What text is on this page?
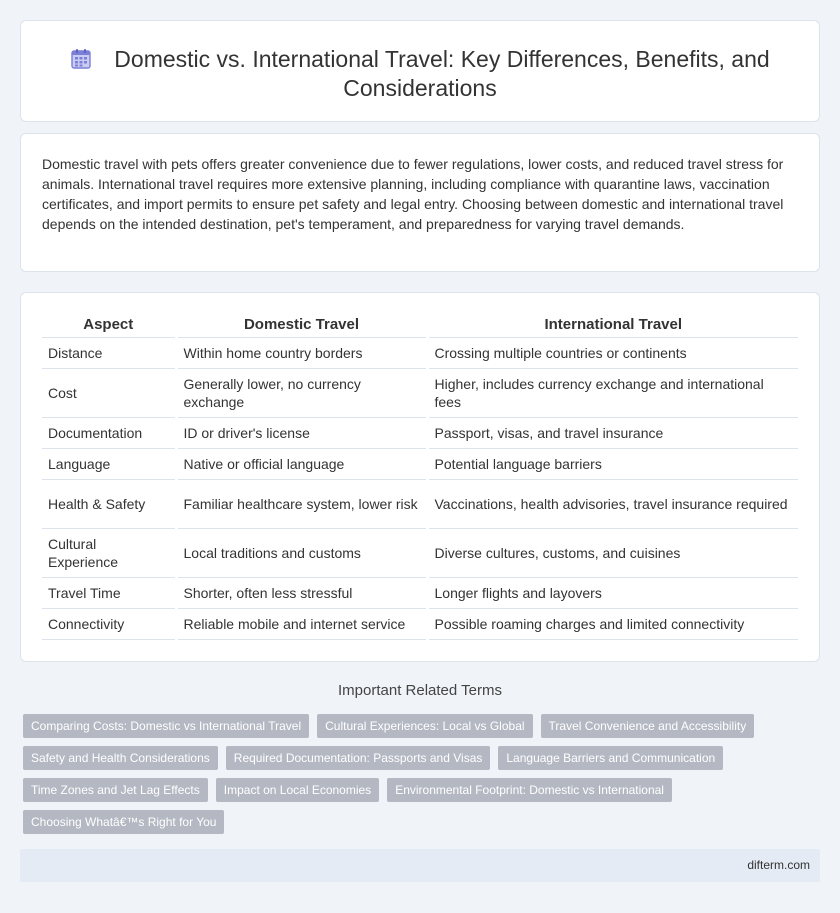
Domestic vs. International Travel: Key Differences, Benefits, and Considerations

Domestic travel with pets offers greater convenience due to fewer regulations, lower costs, and reduced travel stress for animals. International travel requires more extensive planning, including compliance with quarantine laws, vaccination certificates, and import permits to ensure pet safety and legal entry. Choosing between domestic and international travel depends on the intended destination, pet's temperament, and preparedness for varying travel demands.

Aspect	Domestic Travel	International Travel
Distance	Within home country borders	Crossing multiple countries or continents
Cost	Generally lower, no currency exchange	Higher, includes currency exchange and international fees
Documentation	ID or driver's license	Passport, visas, and travel insurance
Language	Native or official language	Potential language barriers
Health & Safety	Familiar healthcare system, lower risk	Vaccinations, health advisories, travel insurance required
Cultural Experience	Local traditions and customs	Diverse cultures, customs, and cuisines
Travel Time	Shorter, often less stressful	Longer flights and layovers
Connectivity	Reliable mobile and internet service	Possible roaming charges and limited connectivity
Important Related Terms
Comparing Costs: Domestic vs International Travel	Cultural Experiences: Local vs Global	Travel Convenience and Accessibility
Safety and Health Considerations	Required Documentation: Passports and Visas	Language Barriers and Communication
Time Zones and Jet Lag Effects	Impact on Local Economies	Environmental Footprint: Domestic vs International
Choosing Whatâ€™s Right for You
difterm.com
